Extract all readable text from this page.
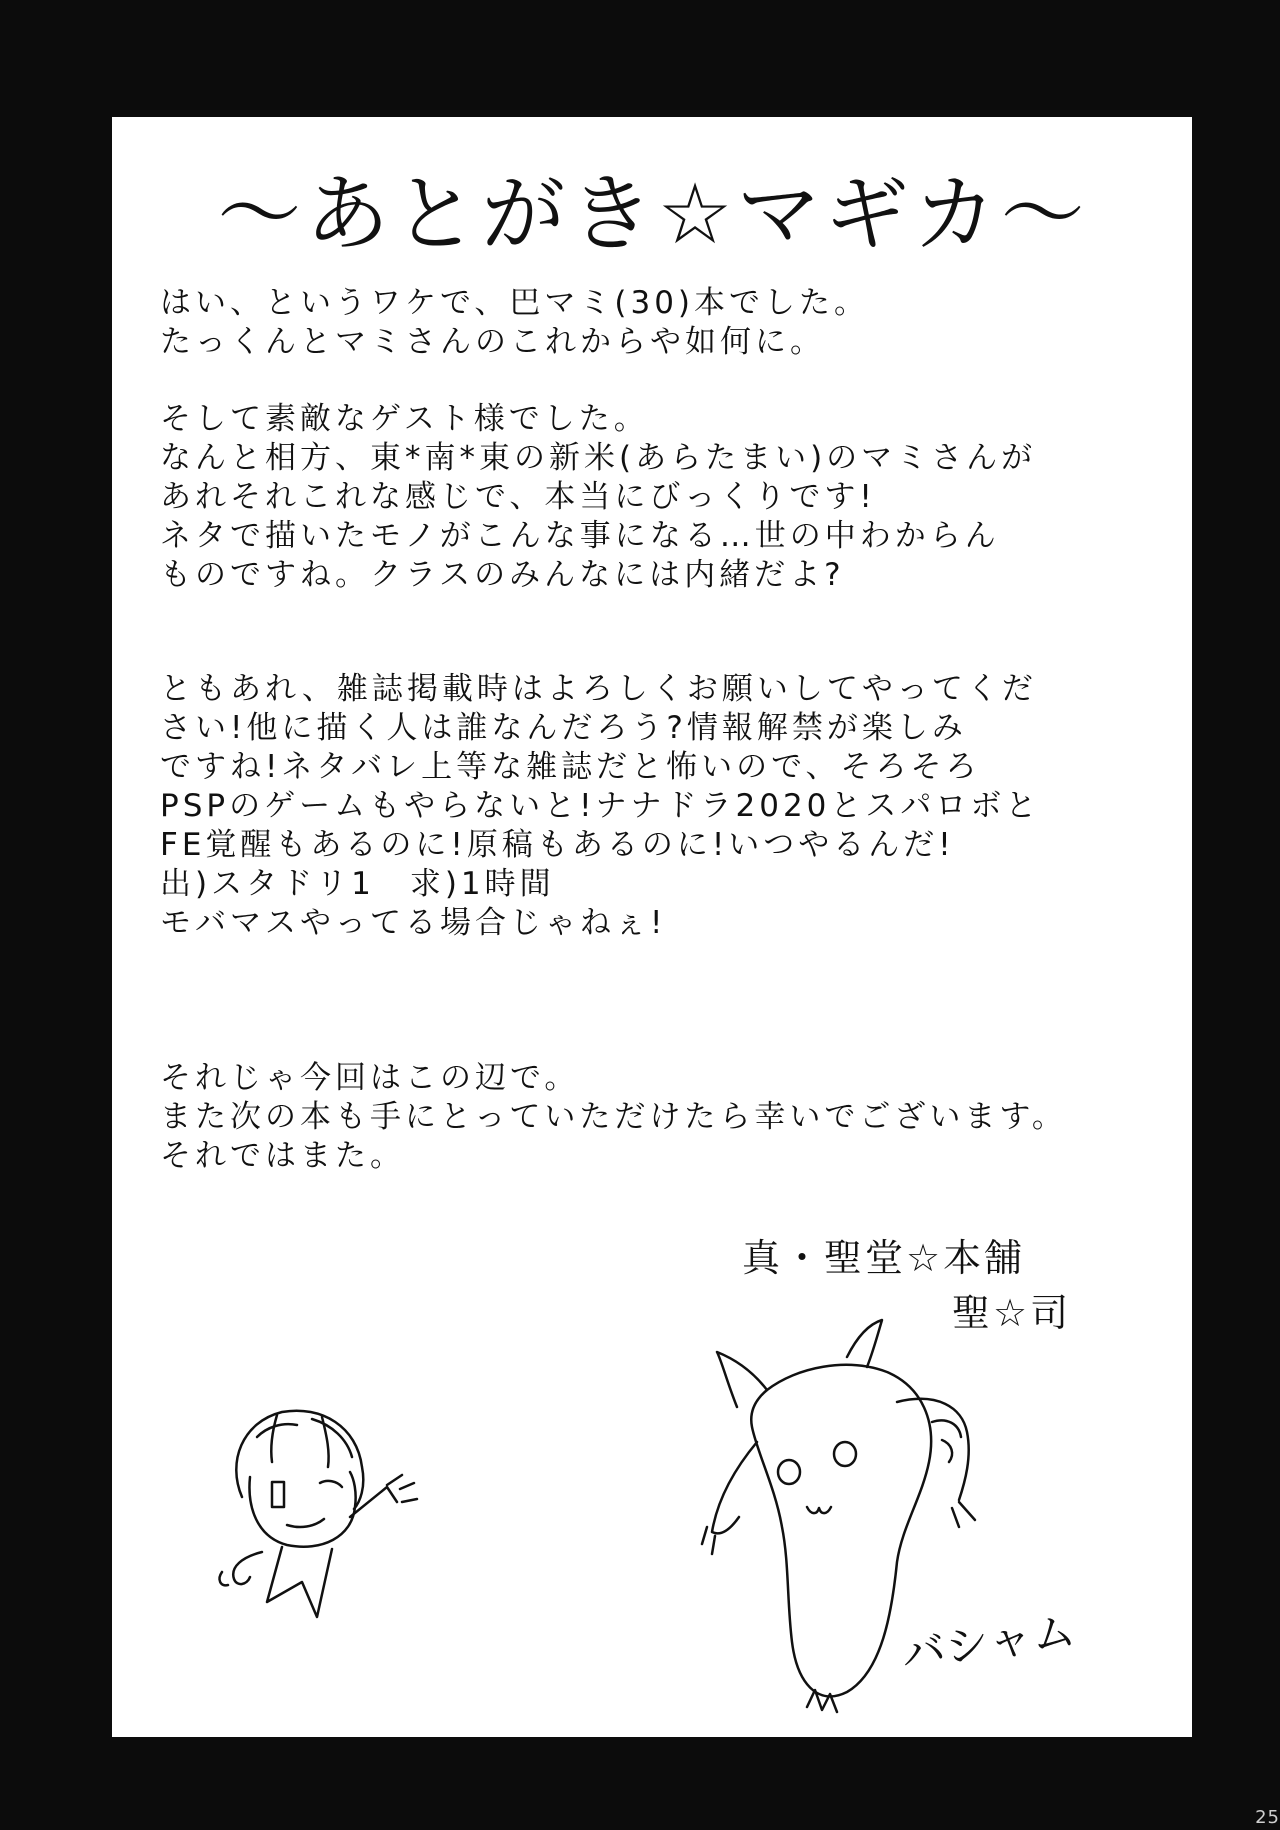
〜あとがき☆マギカ〜
はい、というワケで、巴マミ(30)本でした。
たっくんとマミさんのこれからや如何に。
そして素敵なゲスト様でした。
なんと相方、東*南*東の新米(あらたまい)のマミさんが
あれそれこれな感じで、本当にびっくりです!
ネタで描いたモノがこんな事になる…世の中わからん
ものですね。クラスのみんなには内緒だよ?
ともあれ、雑誌掲載時はよろしくお願いしてやってくだ
さい!他に描く人は誰なんだろう?情報解禁が楽しみ
ですね!ネタバレ上等な雑誌だと怖いので、そろそろ
PSPのゲームもやらないと!ナナドラ2020とスパロボと
FE覚醒もあるのに!原稿もあるのに!いつやるんだ!
出)スタドリ1　求)1時間
モバマスやってる場合じゃねぇ!
それじゃ今回はこの辺で。
また次の本も手にとっていただけたら幸いでございます。
それではまた。
真・聖堂☆本舗
聖☆司
バシャム
25
